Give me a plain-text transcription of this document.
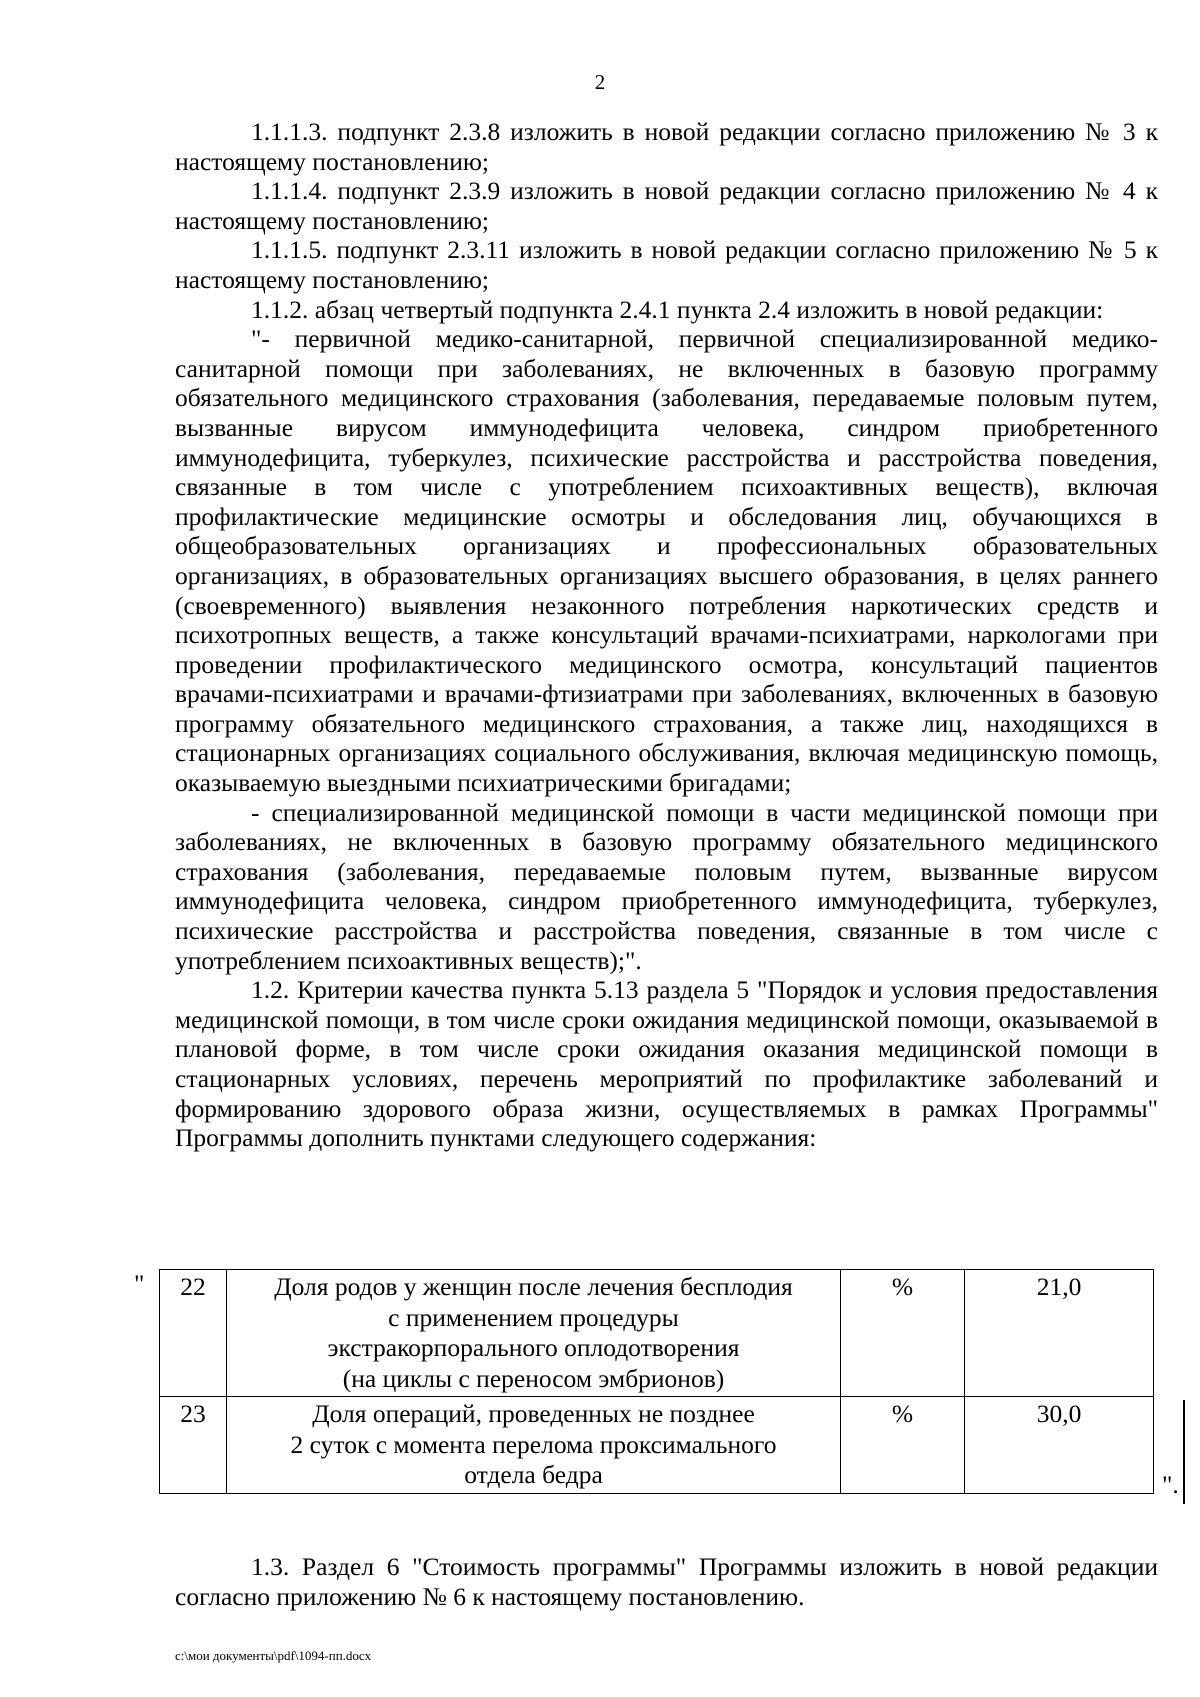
2

1.1.1.3. подпункт 2.3.8 изложить в новой редакции согласно приложению № 3 к настоящему постановлению;

1.1.1.4. подпункт 2.3.9 изложить в новой редакции согласно приложению № 4 к настоящему постановлению;

1.1.1.5. подпункт 2.3.11 изложить в новой редакции согласно приложению № 5 к настоящему постановлению;

1.1.2. абзац четвертый подпункта 2.4.1 пункта 2.4 изложить в новой редакции:

"- первичной медико-санитарной, первичной специализированной медико-санитарной помощи при заболеваниях, не включенных в базовую программу обязательного медицинского страхования (заболевания, передаваемые половым путем, вызванные вирусом иммунодефицита человека, синдром приобретенного иммунодефицита, туберкулез, психические расстройства и расстройства поведения, связанные в том числе с употреблением психоактивных веществ), включая профилактические медицинские осмотры и обследования лиц, обучающихся в общеобразовательных организациях и профессиональных образовательных организациях, в образовательных организациях высшего образования, в целях раннего (своевременного) выявления незаконного потребления наркотических средств и психотропных веществ, а также консультаций врачами-психиатрами, наркологами при проведении профилактического медицинского осмотра, консультаций пациентов врачами-психиатрами и врачами-фтизиатрами при заболеваниях, включенных в базовую программу обязательного медицинского страхования, а также лиц, находящихся в стационарных организациях социального обслуживания, включая медицинскую помощь, оказываемую выездными психиатрическими бригадами;

- специализированной медицинской помощи в части медицинской помощи при заболеваниях, не включенных в базовую программу обязательного медицинского страхования (заболевания, передаваемые половым путем, вызванные вирусом иммунодефицита человека, синдром приобретенного иммунодефицита, туберкулез, психические расстройства и расстройства поведения, связанные в том числе с употреблением психоактивных веществ);".

1.2. Критерии качества пункта 5.13 раздела 5 "Порядок и условия предоставления медицинской помощи, в том числе сроки ожидания медицинской помощи, оказываемой в плановой форме, в том числе сроки ожидания оказания медицинской помощи в стационарных условиях, перечень мероприятий по профилактике заболеваний и формированию здорового образа жизни, осуществляемых в рамках Программы" Программы дополнить пунктами следующего содержания:

" 22	Доля родов у женщин после лечения бесплодия
с применением процедуры
экстракорпорального оплодотворения
(на циклы с переносом эмбрионов)	%	21,0
23	Доля операций, проведенных не позднее
2 суток с момента перелома проксимального
отдела бедра	%	30,0
".

1.3. Раздел 6 "Стоимость программы" Программы изложить в новой редакции согласно приложению № 6 к настоящему постановлению.

c:\мои документы\pdf\1094-пп.docx
